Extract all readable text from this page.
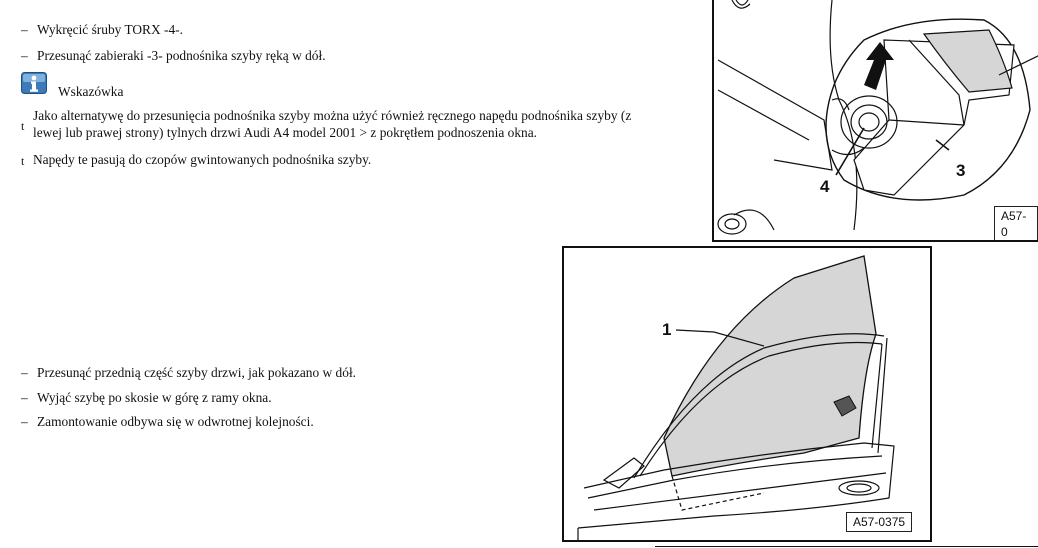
– Wykręcić śruby TORX -4-.
– Przesunąć zabieraki -3- podnośnika szyby ręką w dół.
Wskazówka
t
Jako alternatywę do przesunięcia podnośnika szyby można użyć również ręcznego napędu podnośnika szyby (z
lewej lub prawej strony) tylnych drzwi Audi A4 model 2001 > z pokrętłem podnoszenia okna.
t Napędy te pasują do czopów gwintowanych podnośnika szyby.
– Przesunąć przednią część szyby drzwi, jak pokazano w dół.
– Wyjąć szybę po skosie w górę z ramy okna.
– Zamontowanie odbywa się w odwrotnej kolejności.
4
3
A57-0
1
A57-0375
